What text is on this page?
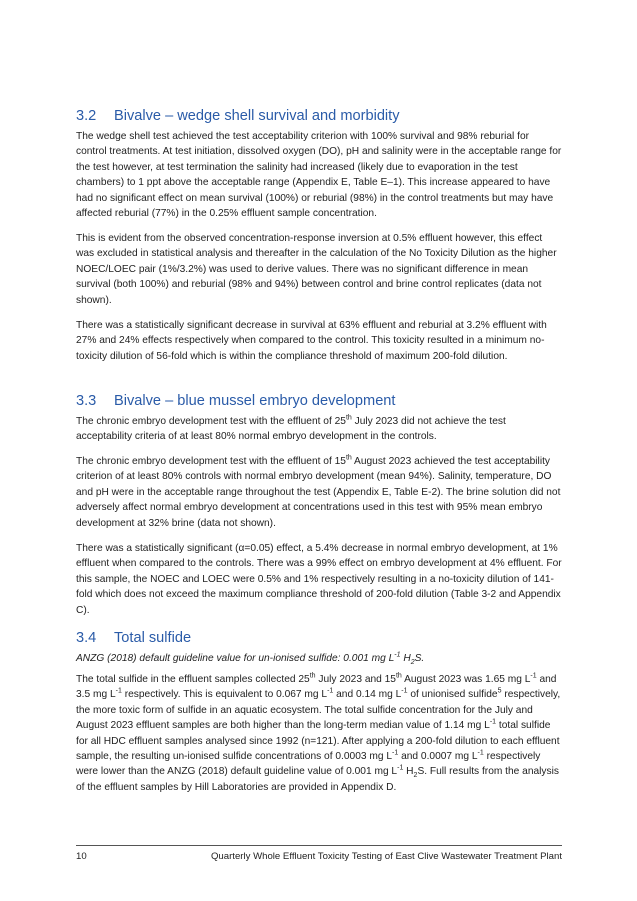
3.2 Bivalve – wedge shell survival and morbidity

The wedge shell test achieved the test acceptability criterion with 100% survival and 98% reburial for control treatments. At test initiation, dissolved oxygen (DO), pH and salinity were in the acceptable range for the test however, at test termination the salinity had increased (likely due to evaporation in the test chambers) to 1 ppt above the acceptable range (Appendix E, Table E–1). This increase appeared to have had no significant effect on mean survival (100%) or reburial (98%) in the control treatments but may have affected reburial (77%) in the 0.25% effluent sample concentration.

This is evident from the observed concentration-response inversion at 0.5% effluent however, this effect was excluded in statistical analysis and thereafter in the calculation of the No Toxicity Dilution as the higher NOEC/LOEC pair (1%/3.2%) was used to derive values. There was no significant difference in mean survival (both 100%) and reburial (98% and 94%) between control and brine control replicates (data not shown).

There was a statistically significant decrease in survival at 63% effluent and reburial at 3.2% effluent with 27% and 24% effects respectively when compared to the control. This toxicity resulted in a minimum no-toxicity dilution of 56-fold which is within the compliance threshold of maximum 200-fold dilution.

3.3 Bivalve – blue mussel embryo development

The chronic embryo development test with the effluent of 25th July 2023 did not achieve the test acceptability criteria of at least 80% normal embryo development in the controls.

The chronic embryo development test with the effluent of 15th August 2023 achieved the test acceptability criterion of at least 80% controls with normal embryo development (mean 94%). Salinity, temperature, DO and pH were in the acceptable range throughout the test (Appendix E, Table E-2). The brine solution did not adversely affect normal embryo development at concentrations used in this test with 95% mean embryo development at 32% brine (data not shown).

There was a statistically significant (α=0.05) effect, a 5.4% decrease in normal embryo development, at 1% effluent when compared to the controls. There was a 99% effect on embryo development at 4% effluent. For this sample, the NOEC and LOEC were 0.5% and 1% respectively resulting in a no-toxicity dilution of 141-fold which does not exceed the maximum compliance threshold of 200-fold dilution (Table 3-2 and Appendix C).

3.4 Total sulfide

ANZG (2018) default guideline value for un-ionised sulfide: 0.001 mg $L^{-1}$ $H_2S$.

The total sulfide in the effluent samples collected 25th July 2023 and 15th August 2023 was 1.65 mg $L^{-1}$ and 3.5 mg $L^{-1}$ respectively. This is equivalent to 0.067 mg $L^{-1}$ and 0.14 mg $L^{-1}$ of unionised sulfide$^5$ respectively, the more toxic form of sulfide in an aquatic ecosystem. The total sulfide concentration for the July and August 2023 effluent samples are both higher than the long-term median value of 1.14 mg $L^{-1}$ total sulfide for all HDC effluent samples analysed since 1992 (n=121). After applying a 200-fold dilution to each effluent sample, the resulting un-ionised sulfide concentrations of 0.0003 mg $L^{-1}$ and 0.0007 mg $L^{-1}$ respectively were lower than the ANZG (2018) default guideline value of 0.001 mg $L^{-1}$ $H_2S$. Full results from the analysis of the effluent samples by Hill Laboratories are provided in Appendix D.

10	Quarterly Whole Effluent Toxicity Testing of East Clive Wastewater Treatment Plant
